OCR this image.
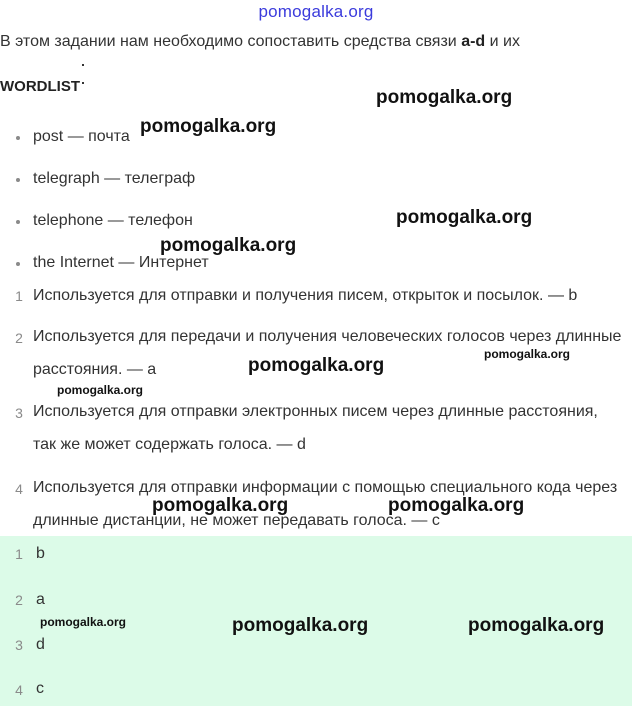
pomogalka.org
В этом задании нам необходимо сопоставить средства связи a-d и их
WORDLIST
post — почта
telegraph — телеграф
telephone — телефон
the Internet — Интернет
1 Используется для отправки и получения писем, открыток и посылок. — b
2 Используется для передачи и получения человеческих голосов через длинные расстояния. — a
3 Используется для отправки электронных писем через длинные расстояния, так же может содержать голоса. — d
4 Используется для отправки информации с помощью специального кода через длинные дистанции, не может передавать голоса. — c
1 b
2 a
3 d
4 c
pomogalka.org
pomogalka.org
pomogalka.org
pomogalka.org
pomogalka.org
pomogalka.org
pomogalka.org
pomogalka.org	pomogalka.org
pomogalka.org	pomogalka.org	pomogalka.org
